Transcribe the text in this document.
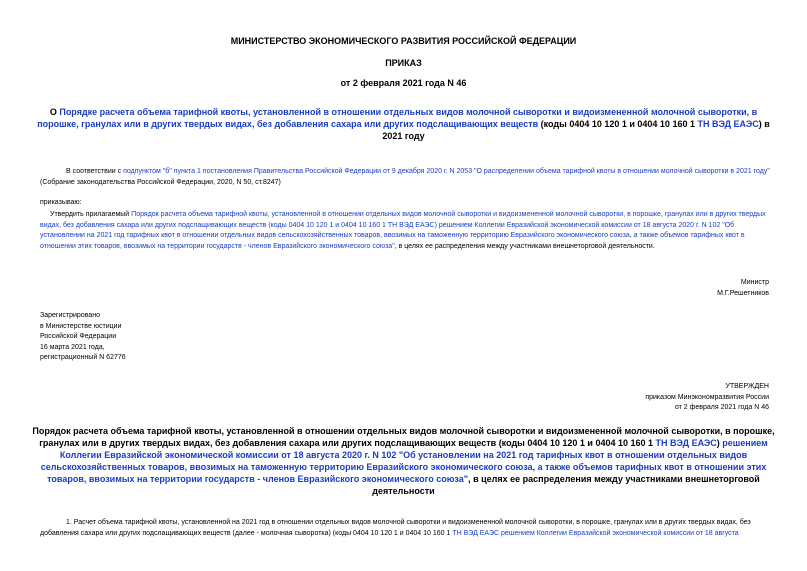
МИНИСТЕРСТВО ЭКОНОМИЧЕСКОГО РАЗВИТИЯ РОССИЙСКОЙ ФЕДЕРАЦИИ
ПРИКАЗ
от 2 февраля 2021 года N 46
О Порядке расчета объема тарифной квоты, установленной в отношении отдельных видов молочной сыворотки и видоизмененной молочной сыворотки, в порошке, гранулах или в других твердых видах, без добавления сахара или других подслащивающих веществ (коды 0404 10 120 1 и 0404 10 160 1 ТН ВЭД ЕАЭС) в 2021 году
В соответствии с подпунктом "б" пункта 1 постановления Правительства Российской Федерации от 9 декабря 2020 г. N 2053 "О распределении объема тарифной квоты в отношении молочной сыворотки в 2021 году" (Собрание законодательства Российской Федерации, 2020, N 50, ст.8247)
приказываю:
Утвердить прилагаемый Порядок расчета объема тарифной квоты, установленной в отношении отдельных видов молочной сыворотки и видоизмененной молочной сыворотки, в порошке, гранулах или в других твердых видах, без добавления сахара или других подслащивающих веществ (коды 0404 10 120 1 и 0404 10 160 1 ТН ВЭД ЕАЭС) решением Коллегии Евразийской экономической комиссии от 18 августа 2020 г. N 102 "Об установлении на 2021 год тарифных квот в отношении отдельных видов сельскохозяйственных товаров, ввозимых на таможенную территорию Евразийского экономического союза, а также объемов тарифных квот в отношении этих товаров, ввозимых на территории государств - членов Евразийского экономического союза", в целях ее распределения между участниками внешнеторговой деятельности.
Министр
М.Г.Решетников
Зарегистрировано
в Министерстве юстиции
Российской Федерации
16 марта 2021 года,
регистрационный N 62776
УТВЕРЖДЕН
приказом Минэкономразвития России
от 2 февраля 2021 года N 46
Порядок расчета объема тарифной квоты, установленной в отношении отдельных видов молочной сыворотки и видоизмененной молочной сыворотки, в порошке, гранулах или в других твердых видах, без добавления сахара или других подслащивающих веществ (коды 0404 10 120 1 и 0404 10 160 1 ТН ВЭД ЕАЭС) решением Коллегии Евразийской экономической комиссии от 18 августа 2020 г. N 102 "Об установлении на 2021 год тарифных квот в отношении отдельных видов сельскохозяйственных товаров, ввозимых на таможенную территорию Евразийского экономического союза, а также объемов тарифных квот в отношении этих товаров, ввозимых на территории государств - членов Евразийского экономического союза", в целях ее распределения между участниками внешнеторговой деятельности
1. Расчет объема тарифной квоты, установленной на 2021 год в отношении отдельных видов молочной сыворотки и видоизмененной молочной сыворотки, в порошке, гранулах или в других твердых видах, без добавления сахара или других подслащивающих веществ (далее - молочная сыворотка) (коды 0404 10 120 1 и 0404 10 160 1 ТН ВЭД ЕАЭС решением Коллегии Евразийской экономической комиссии от 18 августа
